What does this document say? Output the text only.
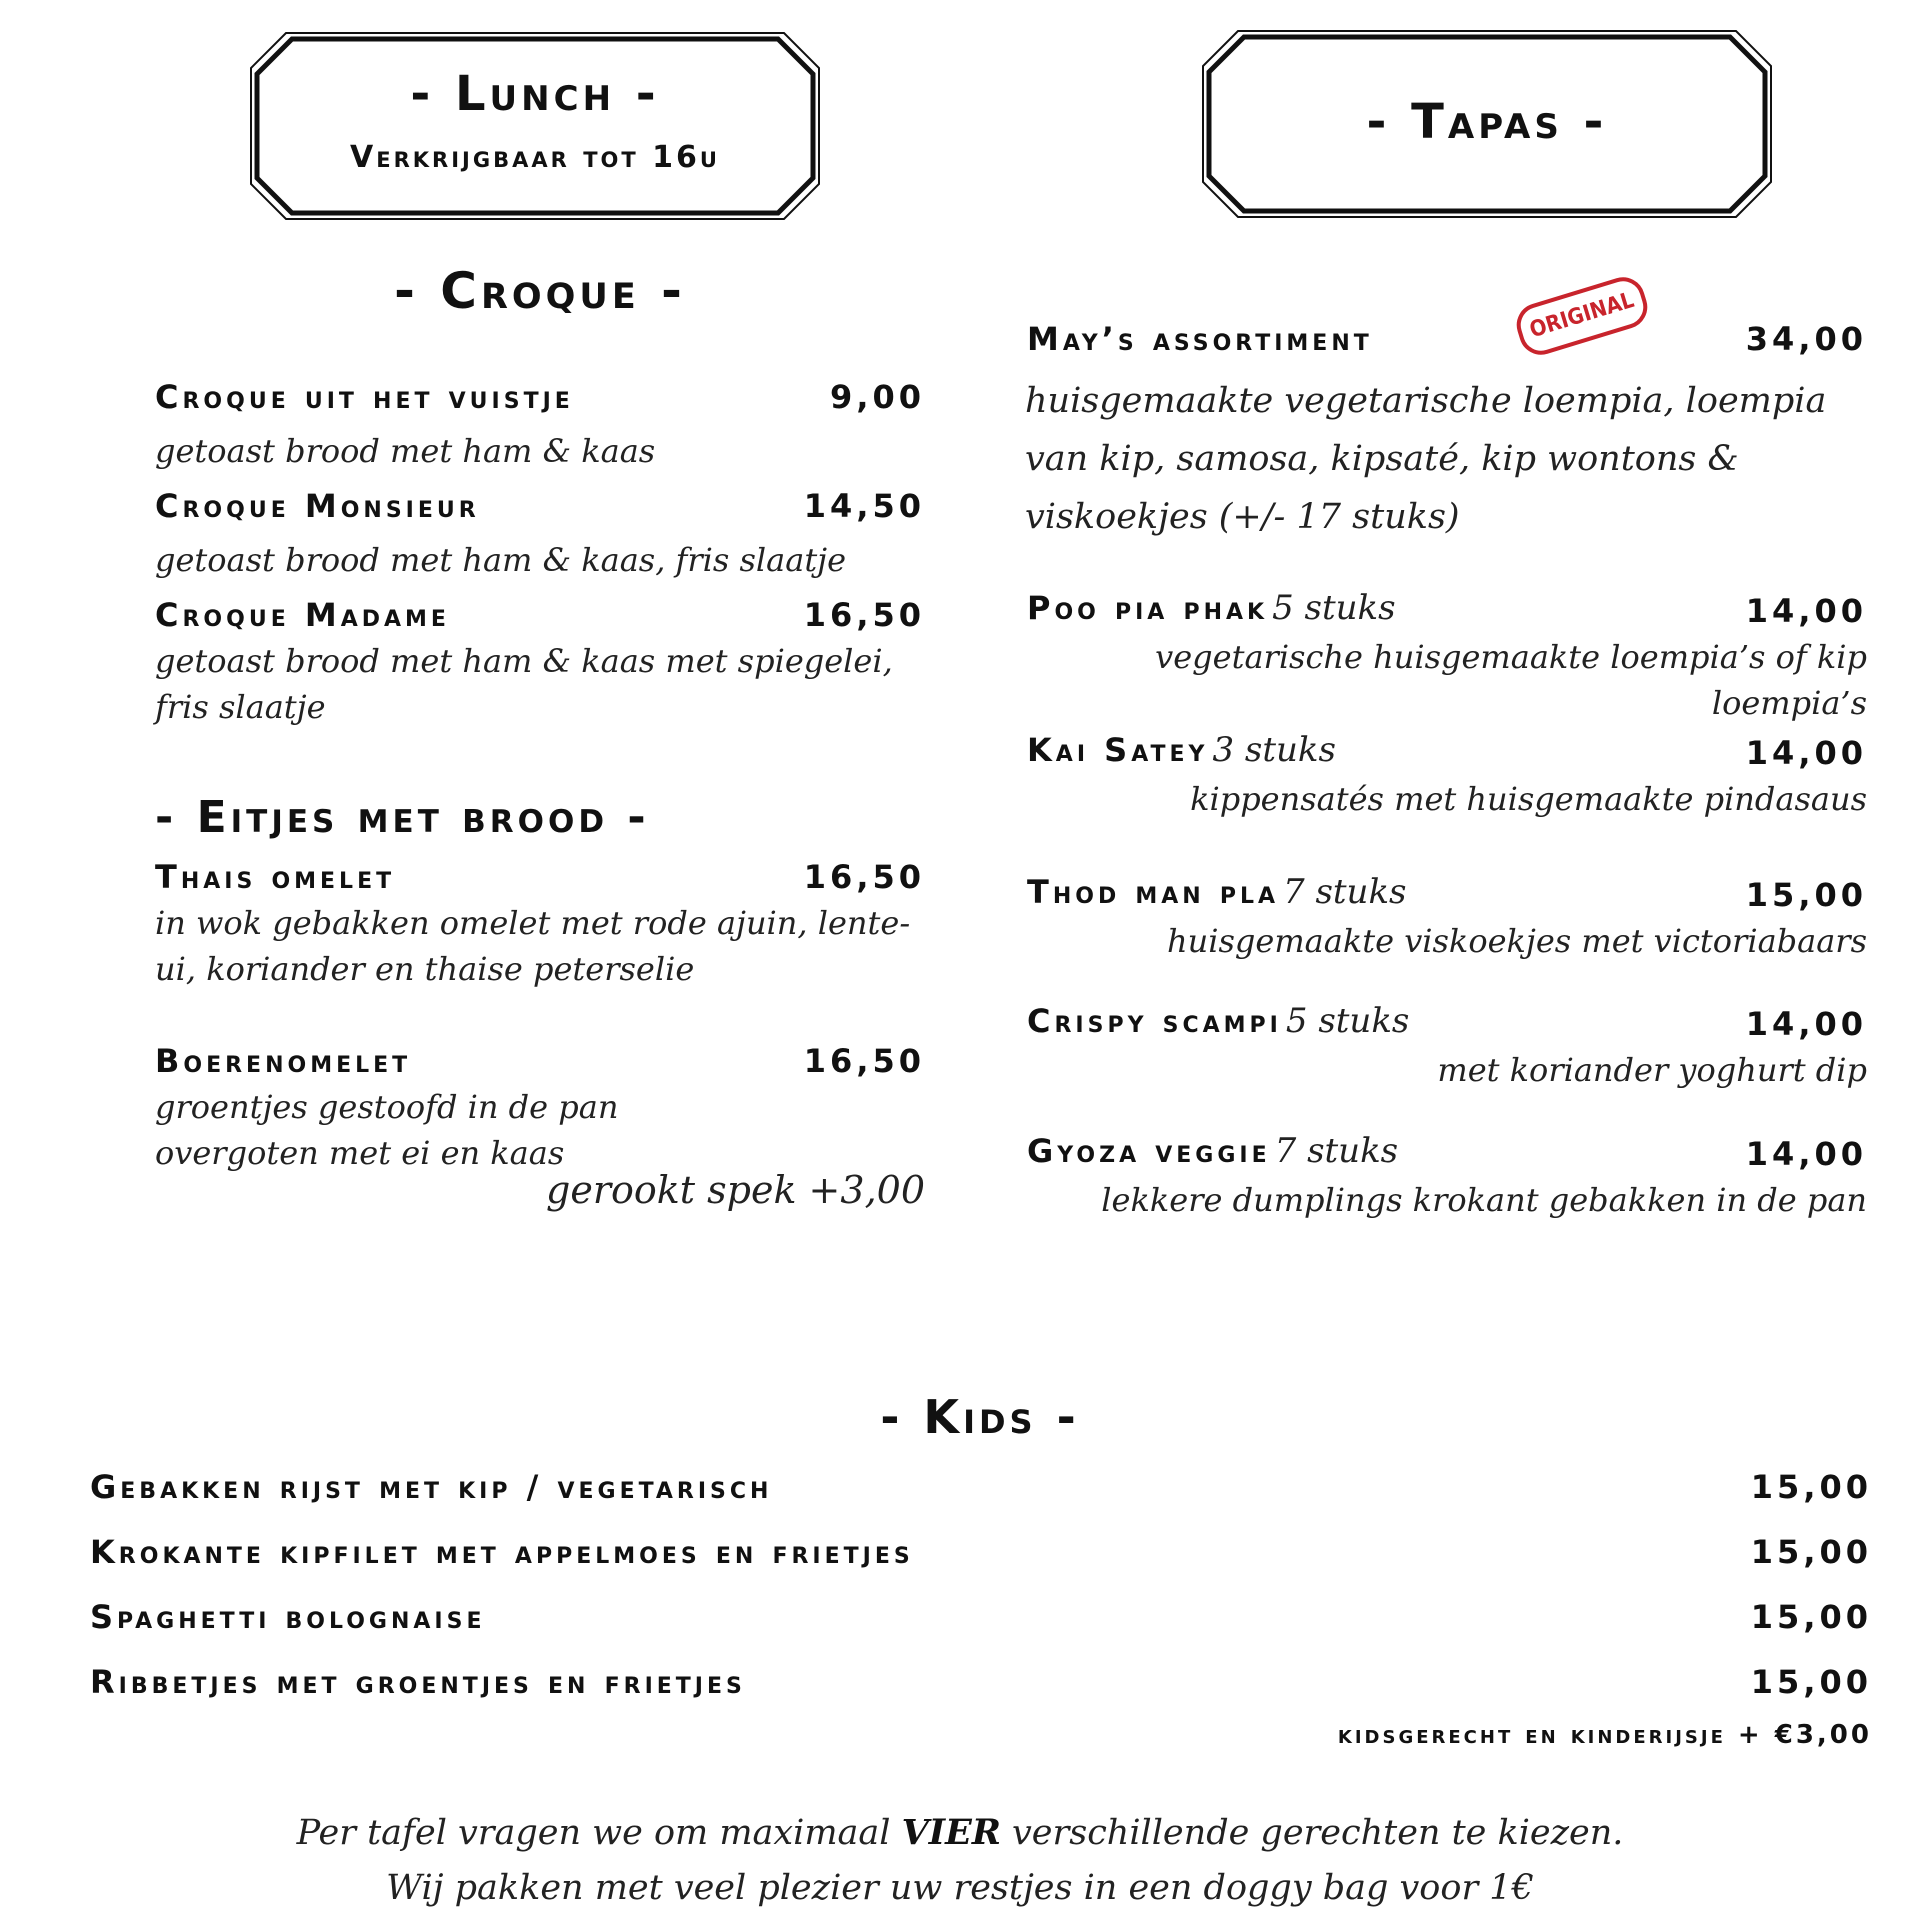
- Lunch -
Verkrijgbaar tot 16u
- Tapas -
- Croque -
Croque uit het vuistje	9,00
getoast brood met ham & kaas
Croque Monsieur	14,50
getoast brood met ham & kaas, fris slaatje
Croque Madame	16,50
getoast brood met ham & kaas met spiegelei, fris slaatje
- Eitjes met brood -
Thais omelet	16,50
in wok gebakken omelet met rode ajuin, lente-ui, koriander en thaise peterselie
Boerenomelet	16,50
groentjes gestoofd in de pan overgoten met ei en kaas
gerookt spek +3,00
May’s assortiment	34,00
huisgemaakte vegetarische loempia, loempia van kip, samosa, kipsaté, kip wontons & viskoekjes (+/- 17 stuks)
ORIGINAL
Poo pia phak 5 stuks	14,00
vegetarische huisgemaakte loempia’s of kip loempia’s
Kai Satey 3 stuks	14,00
kippensatés met huisgemaakte pindasaus
Thod man pla 7 stuks	15,00
huisgemaakte viskoekjes met victoriabaars
Crispy scampi 5 stuks	14,00
met koriander yoghurt dip
Gyoza veggie 7 stuks	14,00
lekkere dumplings krokant gebakken in de pan
- Kids -
Gebakken rijst met kip / vegetarisch	15,00
Krokante kipfilet met appelmoes en frietjes	15,00
Spaghetti bolognaise	15,00
Ribbetjes met groentjes en frietjes	15,00
kidsgerecht en kinderijsje + €3,00
Per tafel vragen we om maximaal VIER verschillende gerechten te kiezen.
Wij pakken met veel plezier uw restjes in een doggy bag voor 1€
